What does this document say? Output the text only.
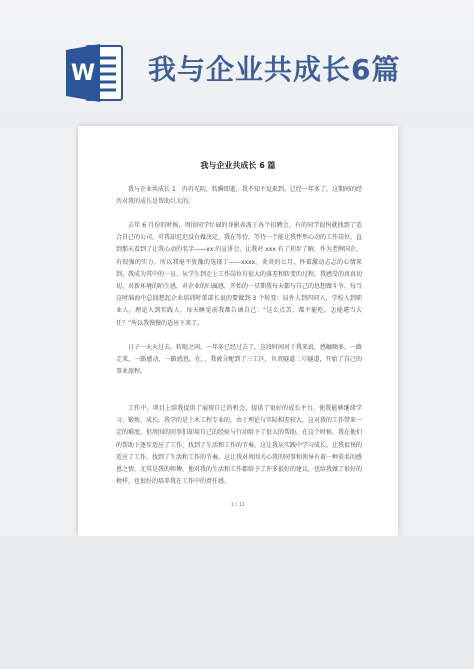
W 我与企业共成长6篇
我与企业共成长 6 篇

我与企业共成长 1　冉冉光阴，转瞬即逝，我不知不觉来到。已经一年多了，这期间的经历对我的成长是帮助巨大的。

去年 6 月份的时候，周围同学忙碌的身影奔波于各个招聘会，有的同学很快就找到了适合自己的公司，可我却迟迟没有做决定，我在等待，等待一个能让我怦然心动的工作岗位，直到那天看到了让我心动的名字——xx 的宣讲会，让我对 xxx 有了初步了解，作为老牌国企，有很强的实力。所以我毫不犹豫的选择了——xxxx。炎炎的七月，怀着激动忐忑的心情来到。我成为其中的一员，从学生到走上工作岗位有很大的落差和转变的过程，我感受的真真切切，对新环境的陌生感，对企业的归属感。开始的一星期我每天都与自己的思想做斗争，每当这时脑海中总回想起企业培训时董部长说的要做到 3 个转变：局外人到四同人，学校人到职业人，理论人到实践人。每天睡觉前我都告诫自己：“这么点苦，都不能吃，怎能堪当大任？”所以我慢慢的适应下来了。

日子一天天过去，转眼之间，一年多已经过去了，这段时间对于我来说，感触颇多，一路走来，一路感动，一路感恩。在，，我被分配到了三工区，负责隧道二号隧道，开始了自己的事业旅程。

工作中，项目上给我提供了展现自己的机会，提供了很好的成长平台，使我能够继续学习、锻炼、成长。我学的是土木工程专业的，由于理论与实际相差较大，这对我的工作带来一定的难度，但周围的同事们却用自己的经验与行动给予了很大的帮助。在这个时候，我在他们的帮助下逐步适应了工作，找到了生活和工作的节奏。这让我从实践中学习成长，让我很快的适应了工作，找到了生活和工作的节奏。这让我对周围关心我的同事和领导有着一种莫名的感恩之情，尤其是我的师傅，他对我的生活和工作都给予了许多很好的建议，也给我做了很好的榜样，也很好的培养我在工作中的责任感。

1 / 11
